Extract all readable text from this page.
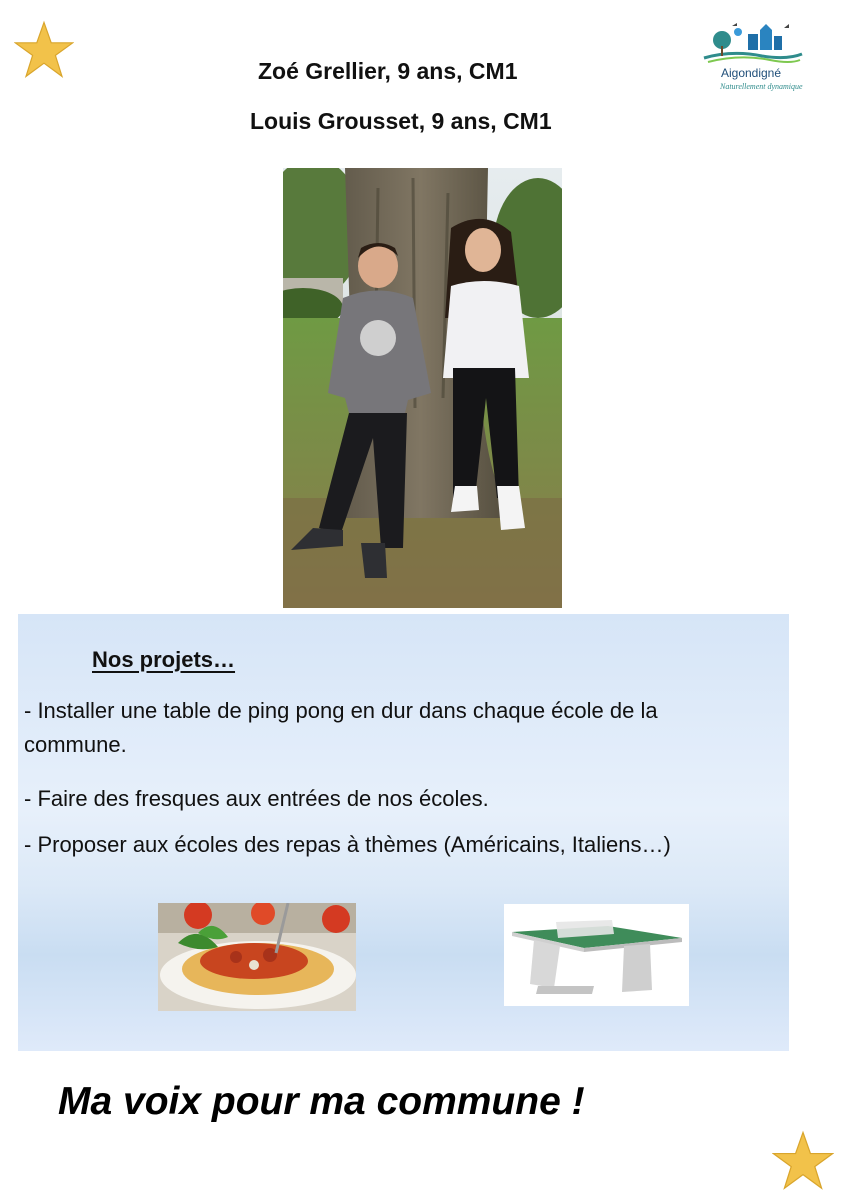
Aigondigné
Naturellement dynamique
Zoé Grellier, 9 ans, CM1
Louis Grousset, 9 ans, CM1
Nos projets…
- Installer une table de ping pong en dur dans chaque école de la commune.
- Faire des fresques aux entrées de nos écoles.
- Proposer aux écoles des repas à thèmes (Américains, Italiens…)
Ma voix pour ma commune !
